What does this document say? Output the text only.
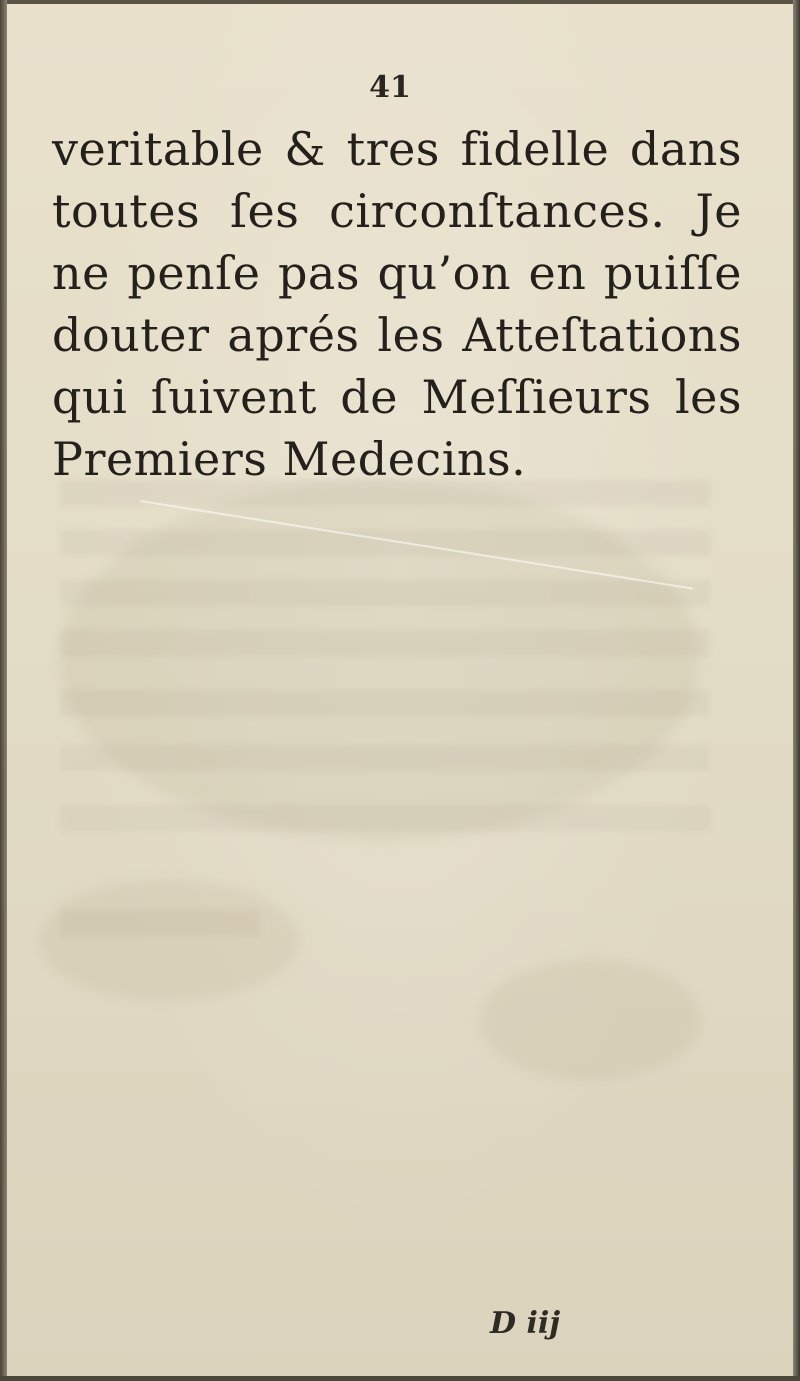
41
veritable & tres fidelle dans
toutes ſes circonſtances. Je
ne penſe pas qu’on en puiſſe
douter aprés les Atteſtations
qui ſuivent de Meſſieurs les
Premiers Medecins.
D iij
